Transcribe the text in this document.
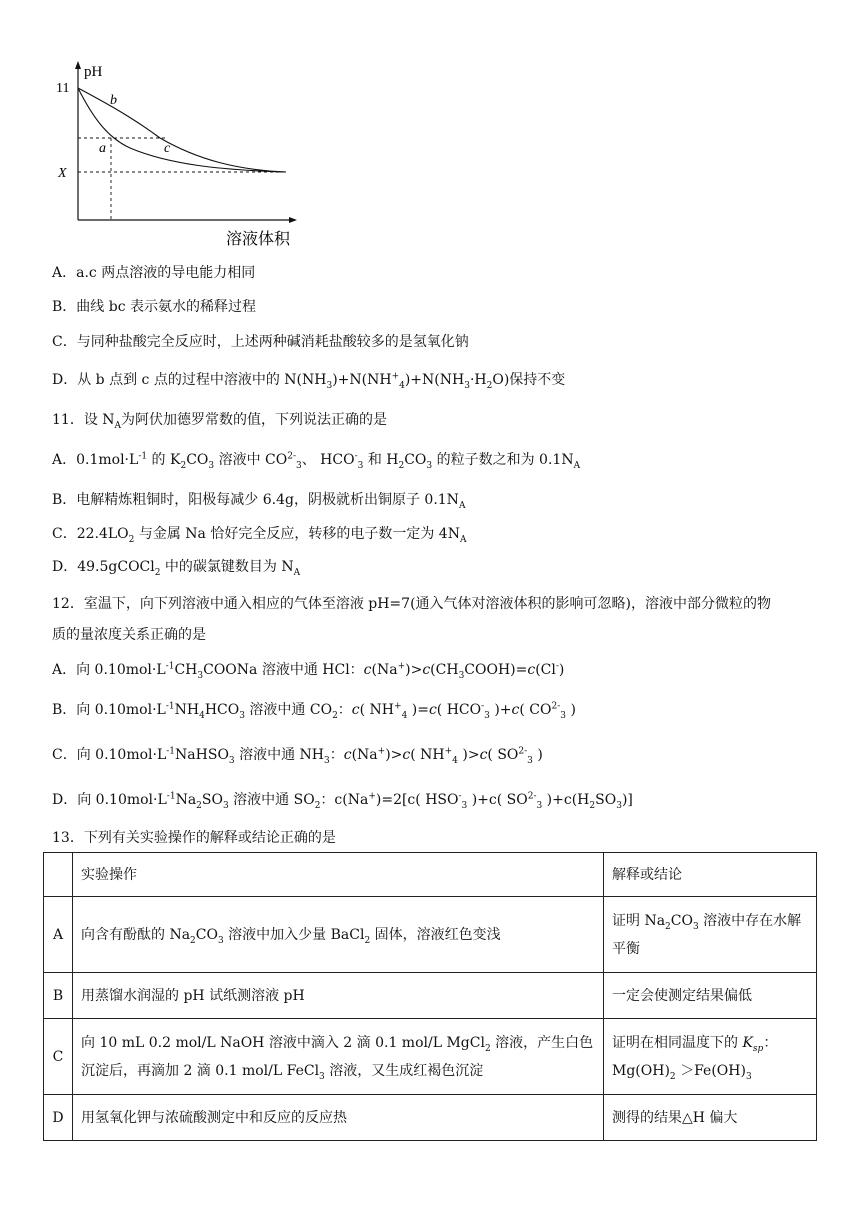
pH
11
X
b
a	c
溶液体积
A．a.c 两点溶液的导电能力相同
B．曲线 bc 表示氨水的稀释过程
C．与同种盐酸完全反应时，上述两种碱消耗盐酸较多的是氢氧化钠
D．从 b 点到 c 点的过程中溶液中的 $N(NH_3)+N(NH^+_4)+N(NH_3\cdot H_2O)$保持不变
11．设 $N_A$为阿伏加德罗常数的值，下列说法正确的是
A．$0.1mol\cdot L^{-1}$ 的 $K_2CO_3$ 溶液中 $CO^{2-}_3$、 $HCO^-_3$ 和 $H_2CO_3$ 的粒子数之和为 $0.1N_A$
B．电解精炼粗铜时，阳极每减少 6.4g，阴极就析出铜原子 $0.1N_A$
C．$22.4LO_2$ 与金属 Na 恰好完全反应，转移的电子数一定为 $4N_A$
D．49.5gCOCl$_2$ 中的碳氯键数目为 $N_A$
12．室温下，向下列溶液中通入相应的气体至溶液 pH=7(通入气体对溶液体积的影响可忽略)，溶液中部分微粒的物
质的量浓度关系正确的是
A．向 $0.10mol\cdot L^{-1}CH_3COONa$ 溶液中通 HCl：$c(Na^+)>c(CH_3COOH)=c(Cl^-)$
B．向 $0.10mol\cdot L^{-1}NH_4HCO_3$ 溶液中通 $CO_2$：c( $NH^+_4$ )=c( $HCO^-_3$ )+c( $CO^{2-}_3$ )
C．向 $0.10mol\cdot L^{-1}NaHSO_3$ 溶液中通 $NH_3$：c(Na+)>c( $NH^+_4$ )>c( $SO^{2-}_3$ )
D．向 $0.10mol\cdot L^{-1}Na_2SO_3$ 溶液中通 $SO_2$：c(Na+)=2[c( $HSO^-_3$ )+c( $SO^{2-}_3$ )$+c(H_2SO_3)$]
13．下列有关实验操作的解释或结论正确的是
	实验操作	解释或结论
A	向含有酚酞的 $Na_2CO_3$ 溶液中加入少量 BaCl$_2$ 固体，溶液红色变浅	证明 $Na_2CO_3$ 溶液中存在水解平衡
B	用蒸馏水润湿的 pH 试纸测溶液 pH	一定会使测定结果偏低
C	向 10 mL 0.2 mol/L NaOH 溶液中滴入 2 滴 0.1 mol/L MgCl$_2$ 溶液，产生白色沉淀后，再滴加 2 滴 0.1 mol/L FeCl$_3$ 溶液，又生成红褐色沉淀	证明在相同温度下的 $K_{sp}$：$Mg(OH)_2 >Fe(OH)_3$
D	用氢氧化钾与浓硫酸测定中和反应的反应热	测得的结果△H 偏大
